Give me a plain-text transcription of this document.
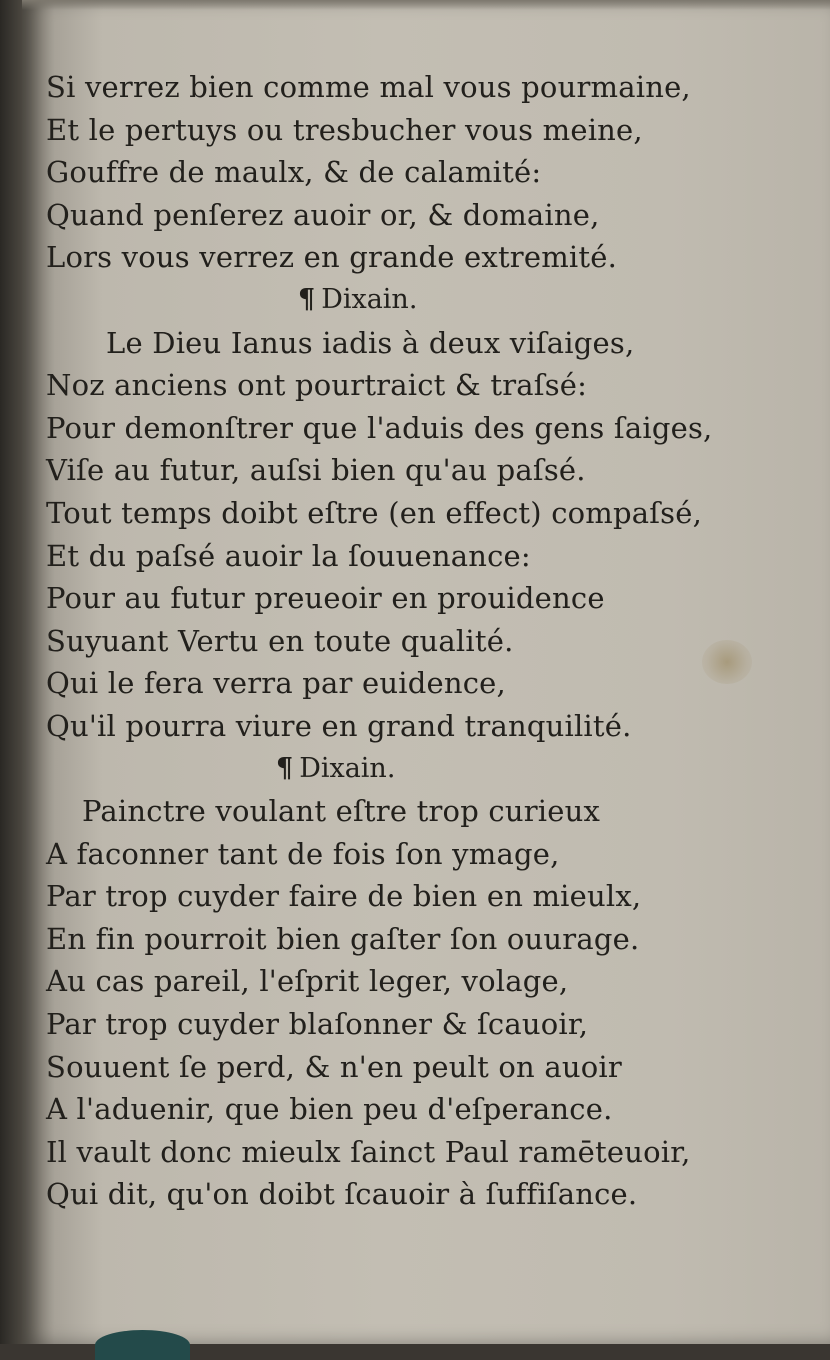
Si verrez bien comme mal vous pourmaine,
Et le pertuys ou tresbucher vous meine,
Gouffre de maulx, & de calamité:
Quand penſerez auoir or, & domaine,
Lors vous verrez en grande extremité.
¶ Dixain.
Le Dieu Ianus iadis à deux viſaiges,
Noz anciens ont pourtraict & traſsé:
Pour demonſtrer que l'aduis des gens ſaiges,
Viſe au futur, auſsi bien qu'au paſsé.
Tout temps doibt eſtre (en effect) compaſsé,
Et du paſsé auoir la ſouuenance:
Pour au futur preueoir en prouidence
Suyuant Vertu en toute qualité.
Qui le fera verra par euidence,
Qu'il pourra viure en grand tranquilité.
¶ Dixain.
Painctre voulant eſtre trop curieux
A faconner tant de fois ſon ymage,
Par trop cuyder faire de bien en mieulx,
En fin pourroit bien gaſter ſon ouurage.
Au cas pareil, l'eſprit leger, volage,
Par trop cuyder blaſonner & ſcauoir,
Souuent ſe perd, & n'en peult on auoir
A l'aduenir, que bien peu d'eſperance.
Il vault donc mieulx ſainct Paul ramēteuoir,
Qui dit, qu'on doibt ſcauoir à ſuffiſance.
